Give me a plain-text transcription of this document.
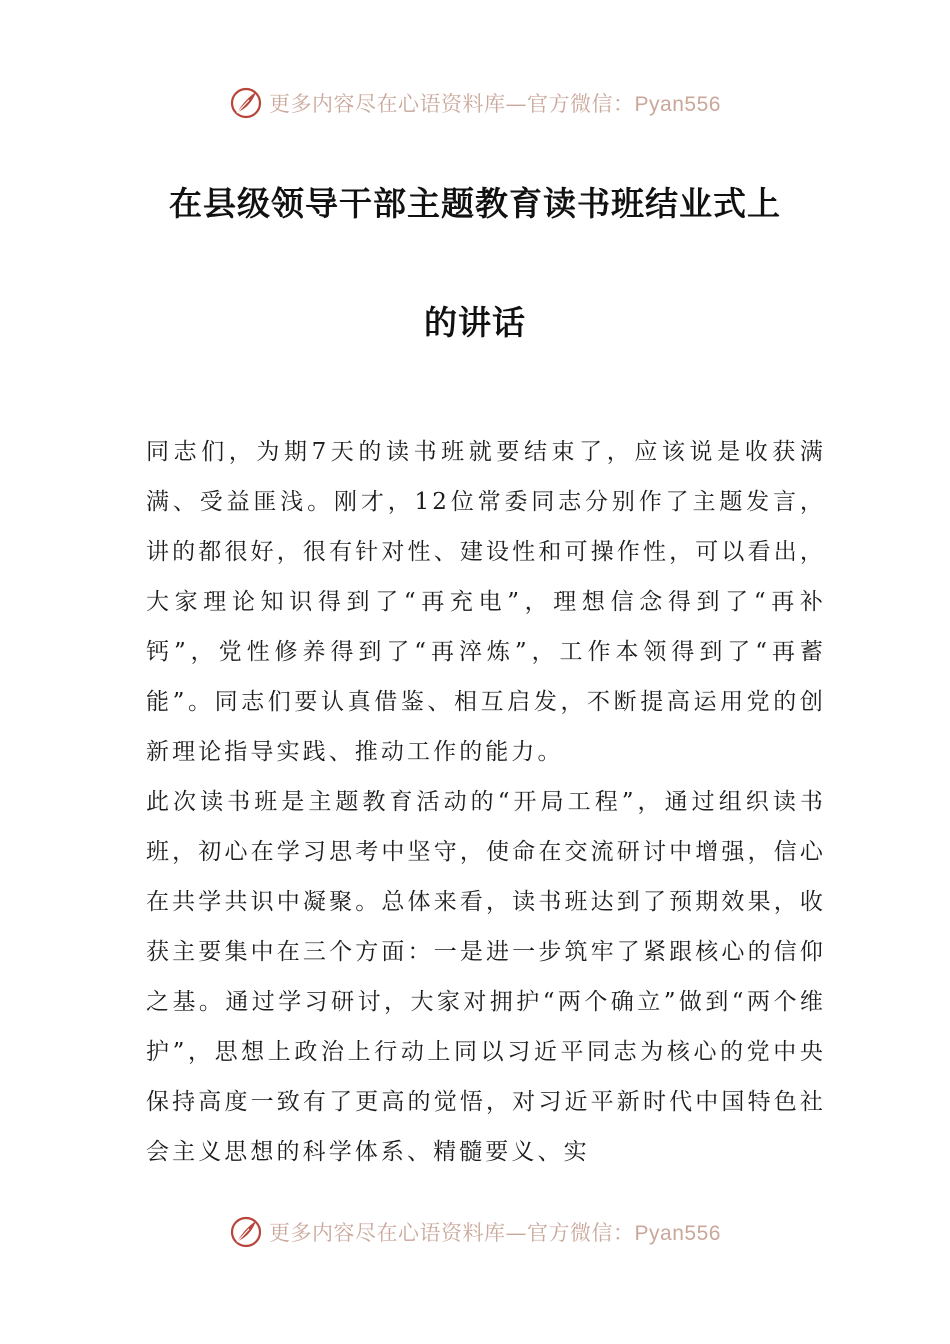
更多内容尽在心语资料库—官方微信：Pyan556
在县级领导干部主题教育读书班结业式上
的讲话

同志们，为期7天的读书班就要结束了，应该说是收获满满、受益匪浅。刚才，12位常委同志分别作了主题发言，讲的都很好，很有针对性、建设性和可操作性，可以看出，大家理论知识得到了“再充电”，理想信念得到了“再补钙”，党性修养得到了“再淬炼”，工作本领得到了“再蓄能”。同志们要认真借鉴、相互启发，不断提高运用党的创新理论指导实践、推动工作的能力。

此次读书班是主题教育活动的“开局工程”，通过组织读书班，初心在学习思考中坚守，使命在交流研讨中增强，信心在共学共识中凝聚。总体来看，读书班达到了预期效果，收获主要集中在三个方面：一是进一步筑牢了紧跟核心的信仰之基。通过学习研讨，大家对拥护“两个确立”做到“两个维护”，思想上政治上行动上同以习近平同志为核心的党中央保持高度一致有了更高的觉悟，对习近平新时代中国特色社会主义思想的科学体系、精髓要义、实

更多内容尽在心语资料库—官方微信：Pyan556
